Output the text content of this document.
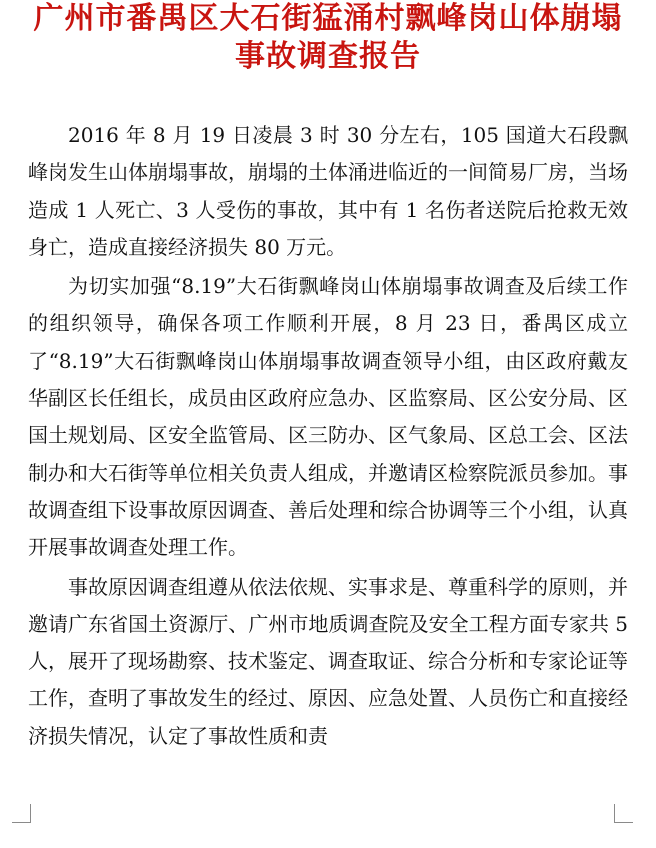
广州市番禺区大石街猛涌村飘峰岗山体崩塌
事故调查报告

2016 年 8 月 19 日凌晨 3 时 30 分左右，105 国道大石段飘峰岗发生山体崩塌事故，崩塌的土体涌进临近的一间简易厂房，当场造成 1 人死亡、3 人受伤的事故，其中有 1 名伤者送院后抢救无效身亡，造成直接经济损失 80 万元。

为切实加强“8.19”大石街飘峰岗山体崩塌事故调查及后续工作的组织领导，确保各项工作顺利开展，8 月 23 日，番禺区成立了“8.19”大石街飘峰岗山体崩塌事故调查领导小组，由区政府戴友华副区长任组长，成员由区政府应急办、区监察局、区公安分局、区国土规划局、区安全监管局、区三防办、区气象局、区总工会、区法制办和大石街等单位相关负责人组成，并邀请区检察院派员参加。事故调查组下设事故原因调查、善后处理和综合协调等三个小组，认真开展事故调查处理工作。

事故原因调查组遵从依法依规、实事求是、尊重科学的原则，并邀请广东省国土资源厅、广州市地质调查院及安全工程方面专家共 5 人，展开了现场勘察、技术鉴定、调查取证、综合分析和专家论证等工作，查明了事故发生的经过、原因、应急处置、人员伤亡和直接经济损失情况，认定了事故性质和责
